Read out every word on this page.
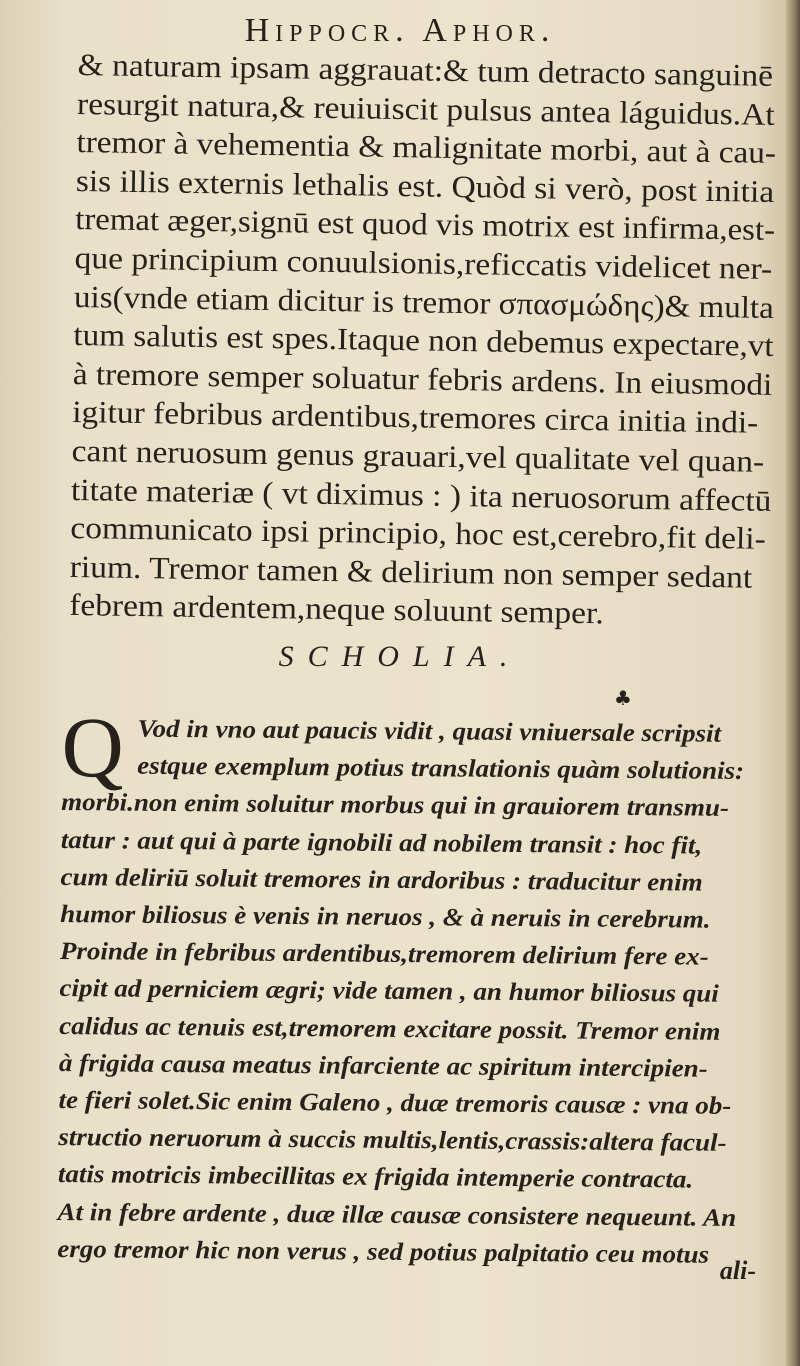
Hippocr. Aphor.
& naturam ipsam aggrauat:& tum detracto sanguinē
resurgit natura,& reuiuiscit pulsus antea láguidus.At
tremor à vehementia & malignitate morbi, aut à cau-
sis illis externis lethalis est. Quòd si verò, post initia
tremat æger,signū est quod vis motrix est infirma,est-
que principium conuulsionis,reficcatis videlicet ner-
uis(vnde etiam dicitur is tremor σπασμώδης)& multa
tum salutis est spes.Itaque non debemus expectare,vt
à tremore semper soluatur febris ardens. In eiusmodi
igitur febribus ardentibus,tremores circa initia indi-
cant neruosum genus grauari,vel qualitate vel quan-
titate materiæ ( vt diximus : ) ita neruosorum affectū
communicato ipsi principio, hoc est,cerebro,fit deli-
rium. Tremor tamen & delirium non semper sedant
febrem ardentem,neque soluunt semper.
SCHOLIA.
♣
Q Vod in vno aut paucis vidit , quasi vniuersale scripsit
estque exemplum potius translationis quàm solutionis:
morbi.non enim soluitur morbus qui in grauiorem transmu-
tatur : aut qui à parte ignobili ad nobilem transit : hoc fit,
cum deliriū soluit tremores in ardoribus : traducitur enim
humor biliosus è venis in neruos , & à neruis in cerebrum.
Proinde in febribus ardentibus,tremorem delirium fere ex-
cipit ad perniciem ægri; vide tamen , an humor biliosus qui
calidus ac tenuis est,tremorem excitare possit. Tremor enim
à frigida causa meatus infarciente ac spiritum intercipien-
te fieri solet.Sic enim Galeno , duæ tremoris causæ : vna ob-
structio neruorum à succis multis,lentis,crassis:altera facul-
tatis motricis imbecillitas ex frigida intemperie contracta.
At in febre ardente , duæ illæ causæ consistere nequeunt. An
ergo tremor hic non verus , sed potius palpitatio ceu motus
ali-
